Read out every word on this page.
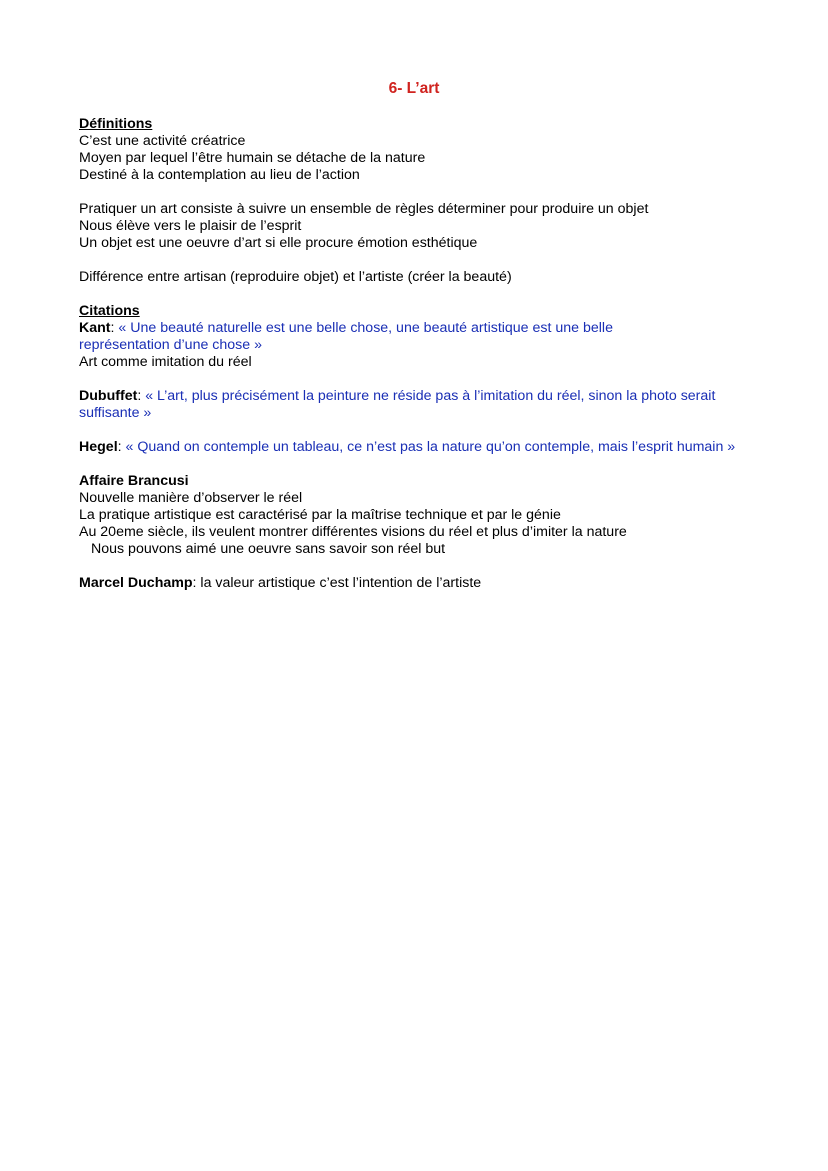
6- L’art
Définitions
C’est une activité créatrice
Moyen par lequel l’être humain se détache de la nature
Destiné à la contemplation au lieu de l’action
Pratiquer un art consiste à suivre un ensemble de règles déterminer pour produire un objet
Nous élève vers le plaisir de l’esprit
Un objet est une oeuvre d’art si elle procure émotion esthétique
Différence entre artisan (reproduire objet) et l’artiste (créer la beauté)
Citations
Kant: « Une beauté naturelle est une belle chose, une beauté artistique est une belle représentation d’une chose »
Art comme imitation du réel
Dubuffet: « L’art, plus précisément la peinture ne réside pas à l’imitation du réel, sinon la photo serait suffisante »
Hegel: « Quand on contemple un tableau, ce n’est pas la nature qu’on contemple, mais l’esprit humain »
Affaire Brancusi
Nouvelle manière d’observer le réel
La pratique artistique est caractérisé par la maîtrise technique et par le génie
Au 20eme siècle, ils veulent montrer différentes visions du réel et plus d’imiter la nature
Nous pouvons aimé une oeuvre sans savoir son réel but
Marcel Duchamp: la valeur artistique c’est l’intention de l’artiste
